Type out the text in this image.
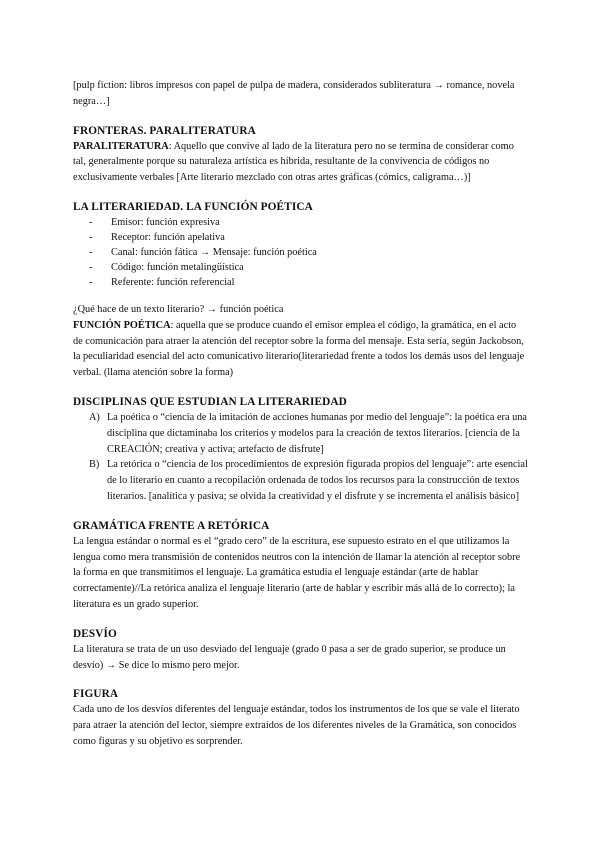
[pulp fiction: libros impresos con papel de pulpa de madera, considerados subliteratura → romance, novela negra…]

FRONTERAS. PARALITERATURA

PARALITERATURA: Aquello que convive al lado de la literatura pero no se termina de considerar como tal, generalmente porque su naturaleza artística es híbrida, resultante de la convivencia de códigos no exclusivamente verbales [Arte literario mezclado con otras artes gráficas (cómics, caligrama…)]

LA LITERARIEDAD. LA FUNCIÓN POÉTICA
- Emisor: función expresiva
- Receptor: función apelativa
- Canal: función fática → Mensaje: función poética
- Código: función metalingüística
- Referente: función referencial

¿Qué hace de un texto literario? → función poética

FUNCIÓN POÉTICA: aquella que se produce cuando el emisor emplea el código, la gramática, en el acto de comunicación para atraer la atención del receptor sobre la forma del mensaje. Esta sería, según Jackobson, la peculiaridad esencial del acto comunicativo literario(literariedad frente a todos los demás usos del lenguaje verbal. (llama atención sobre la forma)

DISCIPLINAS QUE ESTUDIAN LA LITERARIEDAD
A) La poética o “ciencia de la imitación de acciones humanas por medio del lenguaje”: la poética era una disciplina que dictaminaba los criterios y modelos para la creación de textos literarios. [ciencia de la CREACIÓN; creativa y activa; artefacto de disfrute]
B) La retórica o “ciencia de los procedimientos de expresión figurada propios del lenguaje”: arte esencial de lo literario en cuanto a recopilación ordenada de todos los recursos para la construcción de textos literarios. [analítica y pasiva; se olvida la creatividad y el disfrute y se incrementa el análisis básico]
GRAMÁTICA FRENTE A RETÓRICA

La lengua estándar o normal es el “grado cero” de la escritura, ese supuesto estrato en el que utilizamos la lengua como mera transmisión de contenidos neutros con la intención de llamar la atención al receptor sobre la forma en que transmitimos el lenguaje. La gramática estudia el lenguaje estándar (arte de hablar correctamente)//La retórica analiza el lenguaje literario (arte de hablar y escribir más allá de lo correcto); la literatura es un grado superior.

DESVÍO

La literatura se trata de un uso desviado del lenguaje (grado 0 pasa a ser de grado superior, se produce un desvío) → Se dice lo mismo pero mejor.

FIGURA

Cada uno de los desvíos diferentes del lenguaje estándar, todos los instrumentos de los que se vale el literato para atraer la atención del lector, siempre extraídos de los diferentes niveles de la Gramática, son conocidos como figuras y su objetivo es sorprender.
